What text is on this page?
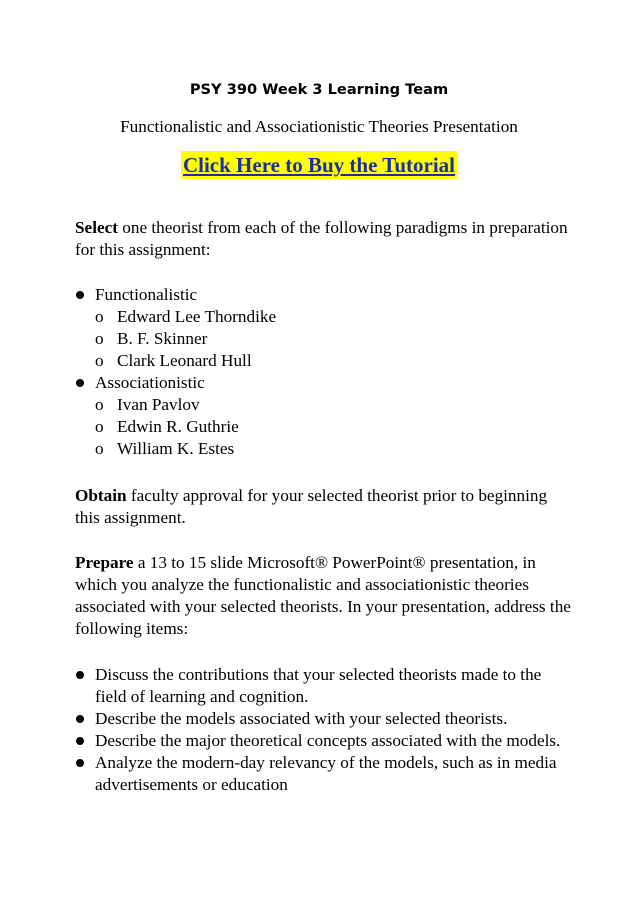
PSY 390 Week 3 Learning Team
Functionalistic and Associationistic Theories Presentation
Click Here to Buy the Tutorial

Select one theorist from each of the following paradigms in preparation for this assignment:

Functionalistic
o Edward Lee Thorndike
o B. F. Skinner
o Clark Leonard Hull
Associationistic
o Ivan Pavlov
o Edwin R. Guthrie
o William K. Estes

Obtain faculty approval for your selected theorist prior to beginning this assignment.

Prepare a 13 to 15 slide Microsoft® PowerPoint® presentation, in which you analyze the functionalistic and associationistic theories associated with your selected theorists. In your presentation, address the following items:

Discuss the contributions that your selected theorists made to the field of learning and cognition.
Describe the models associated with your selected theorists.
Describe the major theoretical concepts associated with the models.
Analyze the modern-day relevancy of the models, such as in media advertisements or education
